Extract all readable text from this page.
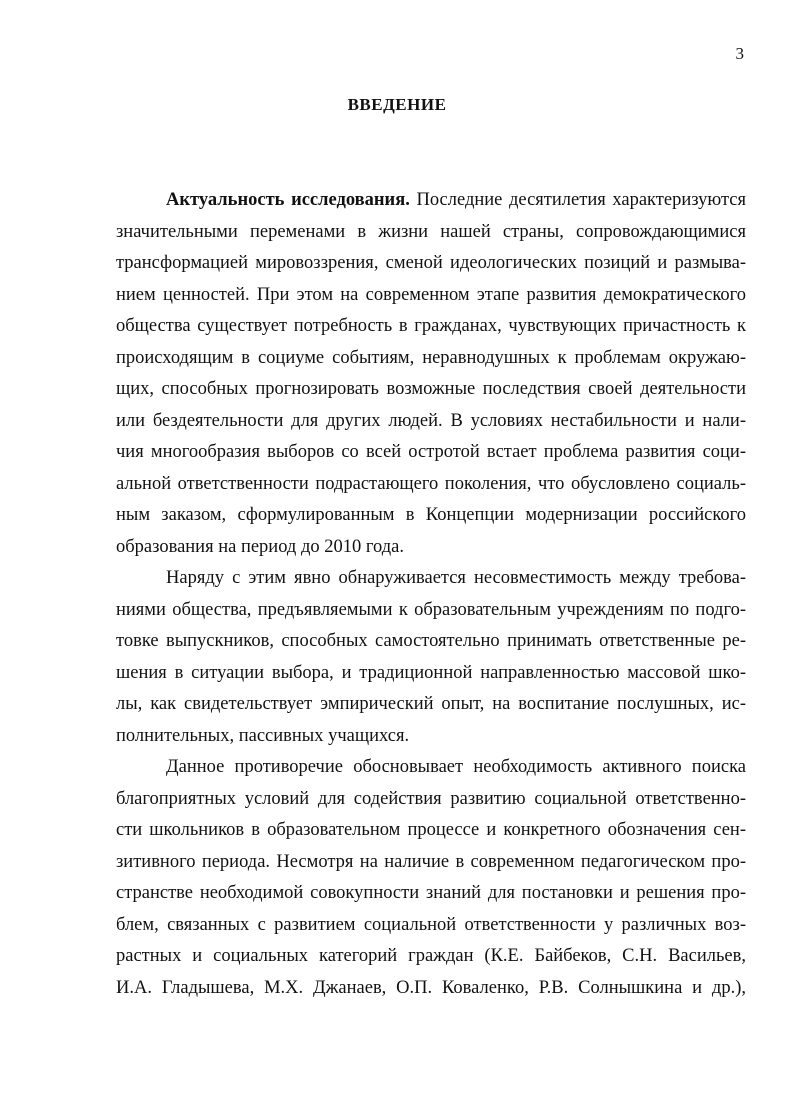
3
ВВЕДЕНИЕ
Актуальность исследования. Последние десятилетия характеризуются
значительными переменами в жизни нашей страны, сопровождающимися
трансформацией мировоззрения, сменой идеологических позиций и размыва-
нием ценностей. При этом на современном этапе развития демократического
общества существует потребность в гражданах, чувствующих причастность к
происходящим в социуме событиям, неравнодушных к проблемам окружаю-
щих, способных прогнозировать возможные последствия своей деятельности
или бездеятельности для других людей. В условиях нестабильности и нали-
чия многообразия выборов со всей остротой встает проблема развития соци-
альной ответственности подрастающего поколения, что обусловлено социаль-
ным заказом, сформулированным в Концепции модернизации российского
образования на период до 2010 года.
Наряду с этим явно обнаруживается несовместимость между требова-
ниями общества, предъявляемыми к образовательным учреждениям по подго-
товке выпускников, способных самостоятельно принимать ответственные ре-
шения в ситуации выбора, и традиционной направленностью массовой шко-
лы, как свидетельствует эмпирический опыт, на воспитание послушных, ис-
полнительных, пассивных учащихся.
Данное противоречие обосновывает необходимость активного поиска
благоприятных условий для содействия развитию социальной ответственно-
сти школьников в образовательном процессе и конкретного обозначения сен-
зитивного периода. Несмотря на наличие в современном педагогическом про-
странстве необходимой совокупности знаний для постановки и решения про-
блем, связанных с развитием социальной ответственности у различных воз-
растных и социальных категорий граждан (К.Е. Байбеков, С.Н. Васильев,
И.А. Гладышева, М.Х. Джанаев, О.П. Коваленко, Р.В. Солнышкина и др.),
